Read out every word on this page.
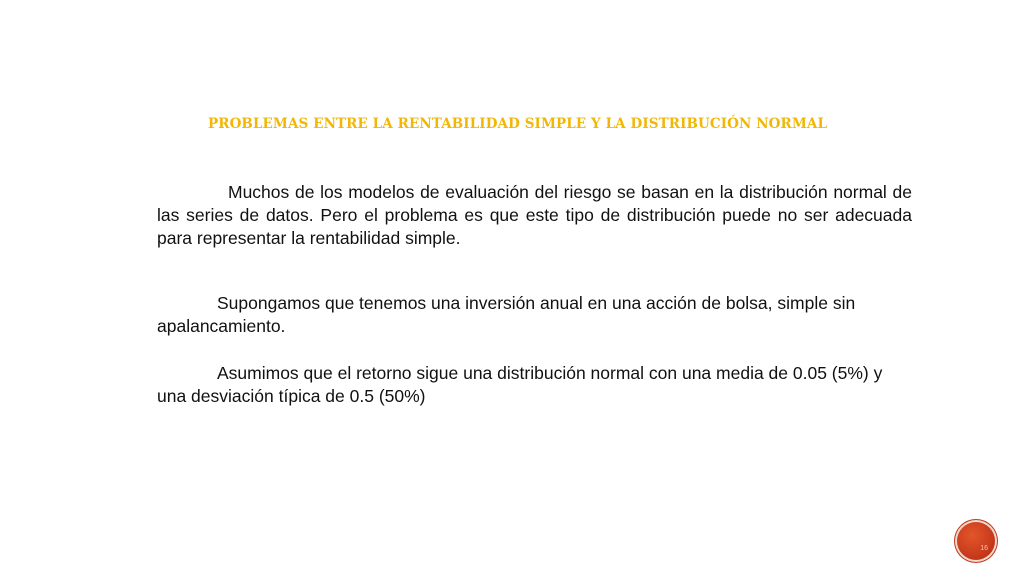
PROBLEMAS ENTRE LA RENTABILIDAD SIMPLE Y LA DISTRIBUCIÓN NORMAL
Muchos de los modelos de evaluación del riesgo se basan en la distribución normal de las series de datos. Pero el problema es que este tipo de distribución puede no ser adecuada para representar la rentabilidad simple.
Supongamos que tenemos una inversión anual en una acción de bolsa, simple sin apalancamiento.
Asumimos que el retorno sigue una distribución normal con una media de 0.05 (5%) y una desviación típica de 0.5 (50%)
16
